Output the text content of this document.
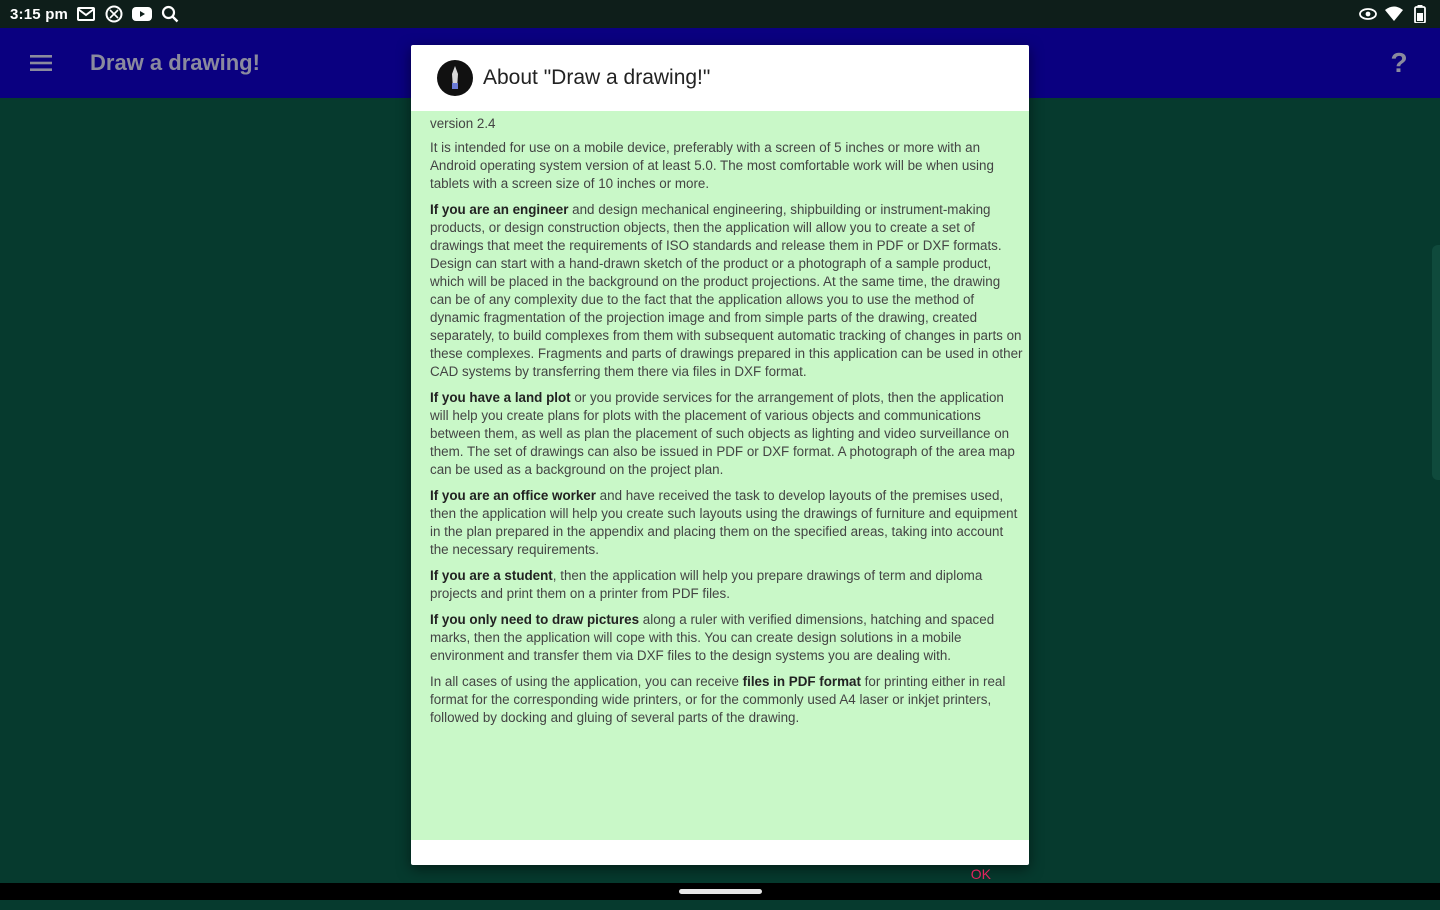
3:15 pm
Draw a drawing!	?
About "Draw a drawing!"

version 2.4

It is intended for use on a mobile device, preferably with a screen of 5 inches or more with an Android operating system version of at least 5.0. The most comfortable work will be when using tablets with a screen size of 10 inches or more.

If you are an engineer and design mechanical engineering, shipbuilding or instrument-making products, or design construction objects, then the application will allow you to create a set of drawings that meet the requirements of ISO standards and release them in PDF or DXF formats. Design can start with a hand-drawn sketch of the product or a photograph of a sample product, which will be placed in the background on the product projections. At the same time, the drawing can be of any complexity due to the fact that the application allows you to use the method of dynamic fragmentation of the projection image and from simple parts of the drawing, created separately, to build complexes from them with subsequent automatic tracking of changes in parts on these complexes. Fragments and parts of drawings prepared in this application can be used in other CAD systems by transferring them there via files in DXF format.

If you have a land plot or you provide services for the arrangement of plots, then the application will help you create plans for plots with the placement of various objects and communications between them, as well as plan the placement of such objects as lighting and video surveillance on them. The set of drawings can also be issued in PDF or DXF format. A photograph of the area map can be used as a background on the project plan.

If you are an office worker and have received the task to develop layouts of the premises used, then the application will help you create such layouts using the drawings of furniture and equipment in the plan prepared in the appendix and placing them on the specified areas, taking into account the necessary requirements.

If you are a student, then the application will help you prepare drawings of term and diploma projects and print them on a printer from PDF files.

If you only need to draw pictures along a ruler with verified dimensions, hatching and spaced marks, then the application will cope with this. You can create design solutions in a mobile environment and transfer them via DXF files to the design systems you are dealing with.

In all cases of using the application, you can receive files in PDF format for printing either in real format for the corresponding wide printers, or for the commonly used A4 laser or inkjet printers, followed by docking and gluing of several parts of the drawing.

OK
